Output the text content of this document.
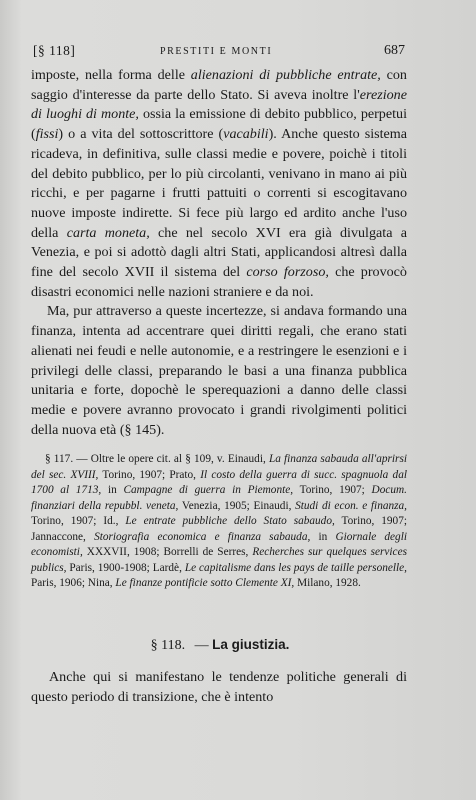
[§ 118]	PRESTITI E MONTI	687

imposte, nella forma delle alienazioni di pubbliche entrate, con saggio d'interesse da parte dello Stato. Si aveva inoltre l'erezione di luoghi di monte, ossia la emissione di debito pubblico, perpetui (fissi) o a vita del sottoscrittore (vacabili). Anche questo sistema ricadeva, in definitiva, sulle classi medie e povere, poichè i titoli del debito pubblico, per lo più circolanti, venivano in mano ai più ricchi, e per pagarne i frutti pattuiti o correnti si escogitavano nuove imposte indirette. Si fece più largo ed ardito anche l'uso della carta moneta, che nel secolo XVI era già divulgata a Venezia, e poi si adottò dagli altri Stati, applicandosi altresì dalla fine del secolo XVII il sistema del corso forzoso, che provocò disastri economici nelle nazioni straniere e da noi.

Ma, pur attraverso a queste incertezze, si andava formando una finanza, intenta ad accentrare quei diritti regali, che erano stati alienati nei feudi e nelle autonomie, e a restringere le esenzioni e i privilegi delle classi, preparando le basi a una finanza pubblica unitaria e forte, dopochè le sperequazioni a danno delle classi medie e povere avranno provocato i grandi rivolgimenti politici della nuova età (§ 145).

§ 117. — Oltre le opere cit. al § 109, v. Einaudi, La finanza sabauda all'aprirsi del sec. XVIII, Torino, 1907; Prato, Il costo della guerra di succ. spagnuola dal 1700 al 1713, in Campagne di guerra in Piemonte, Torino, 1907; Docum. finanziari della repubbl. veneta, Venezia, 1905; Einaudi, Studi di econ. e finanza, Torino, 1907; Id., Le entrate pubbliche dello Stato sabaudo, Torino, 1907; Jannaccone, Storiografia economica e finanza sabauda, in Giornale degli economisti, XXXVII, 1908; Borrelli de Serres, Recherches sur quelques services publics, Paris, 1900-1908; Lardè, Le capitalisme dans les pays de taille personelle, Paris, 1906; Nina, Le finanze pontificie sotto Clemente XI, Milano, 1928.

§ 118. — La giustizia.

Anche qui si manifestano le tendenze politiche generali di questo periodo di transizione, che è intento
